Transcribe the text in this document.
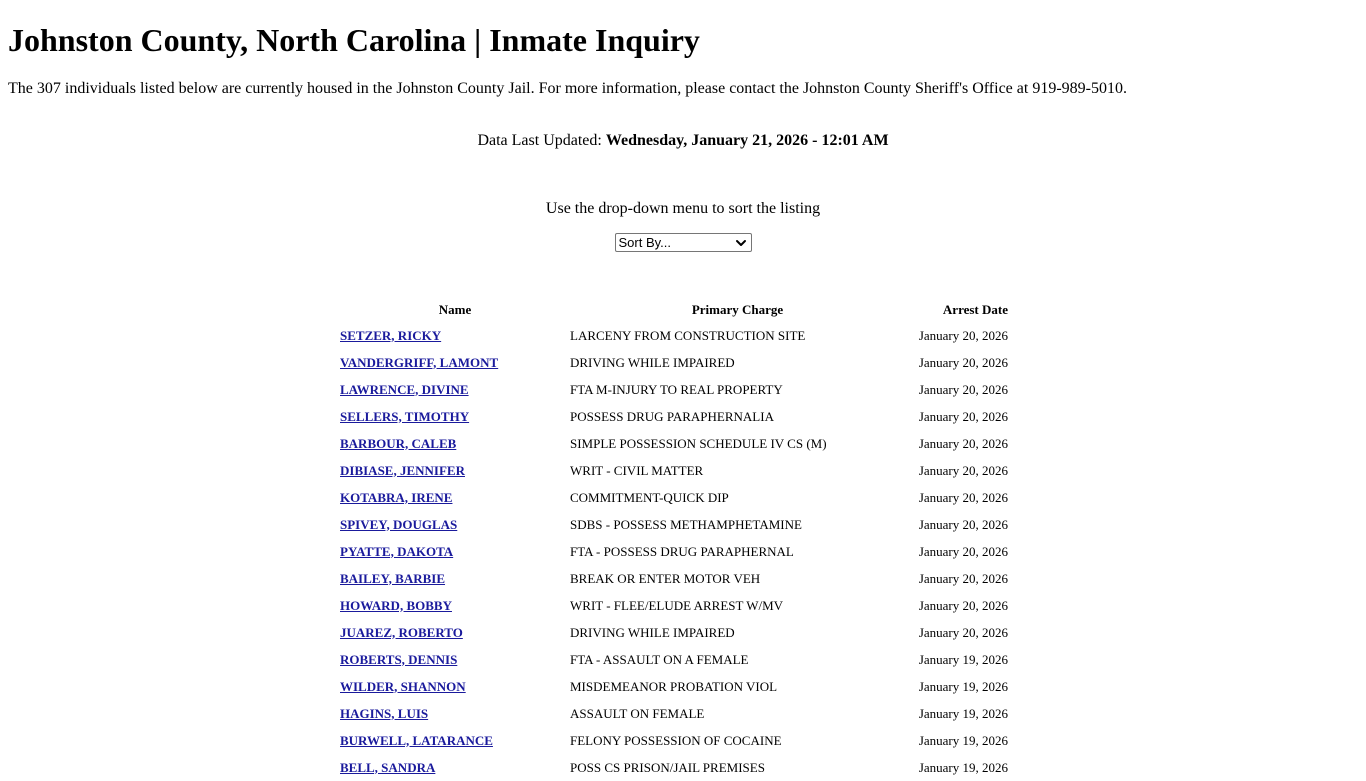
Johnston County, North Carolina | Inmate Inquiry

The 307 individuals listed below are currently housed in the Johnston County Jail. For more information, please contact the Johnston County Sheriff's Office at 919-989-5010.

Data Last Updated: Wednesday, January 21, 2026 - 12:01 AM
Use the drop-down menu to sort the listing
Sort By...
Name	Primary Charge	Arrest Date
SETZER, RICKY	LARCENY FROM CONSTRUCTION SITE	January 20, 2026
VANDERGRIFF, LAMONT	DRIVING WHILE IMPAIRED	January 20, 2026
LAWRENCE, DIVINE	FTA M-INJURY TO REAL PROPERTY	January 20, 2026
SELLERS, TIMOTHY	POSSESS DRUG PARAPHERNALIA	January 20, 2026
BARBOUR, CALEB	SIMPLE POSSESSION SCHEDULE IV CS (M)	January 20, 2026
DIBIASE, JENNIFER	WRIT - CIVIL MATTER	January 20, 2026
KOTABRA, IRENE	COMMITMENT-QUICK DIP	January 20, 2026
SPIVEY, DOUGLAS	SDBS - POSSESS METHAMPHETAMINE	January 20, 2026
PYATTE, DAKOTA	FTA - POSSESS DRUG PARAPHERNAL	January 20, 2026
BAILEY, BARBIE	BREAK OR ENTER MOTOR VEH	January 20, 2026
HOWARD, BOBBY	WRIT - FLEE/ELUDE ARREST W/MV	January 20, 2026
JUAREZ, ROBERTO	DRIVING WHILE IMPAIRED	January 20, 2026
ROBERTS, DENNIS	FTA - ASSAULT ON A FEMALE	January 19, 2026
WILDER, SHANNON	MISDEMEANOR PROBATION VIOL	January 19, 2026
HAGINS, LUIS	ASSAULT ON FEMALE	January 19, 2026
BURWELL, LATARANCE	FELONY POSSESSION OF COCAINE	January 19, 2026
BELL, SANDRA	POSS CS PRISON/JAIL PREMISES	January 19, 2026
